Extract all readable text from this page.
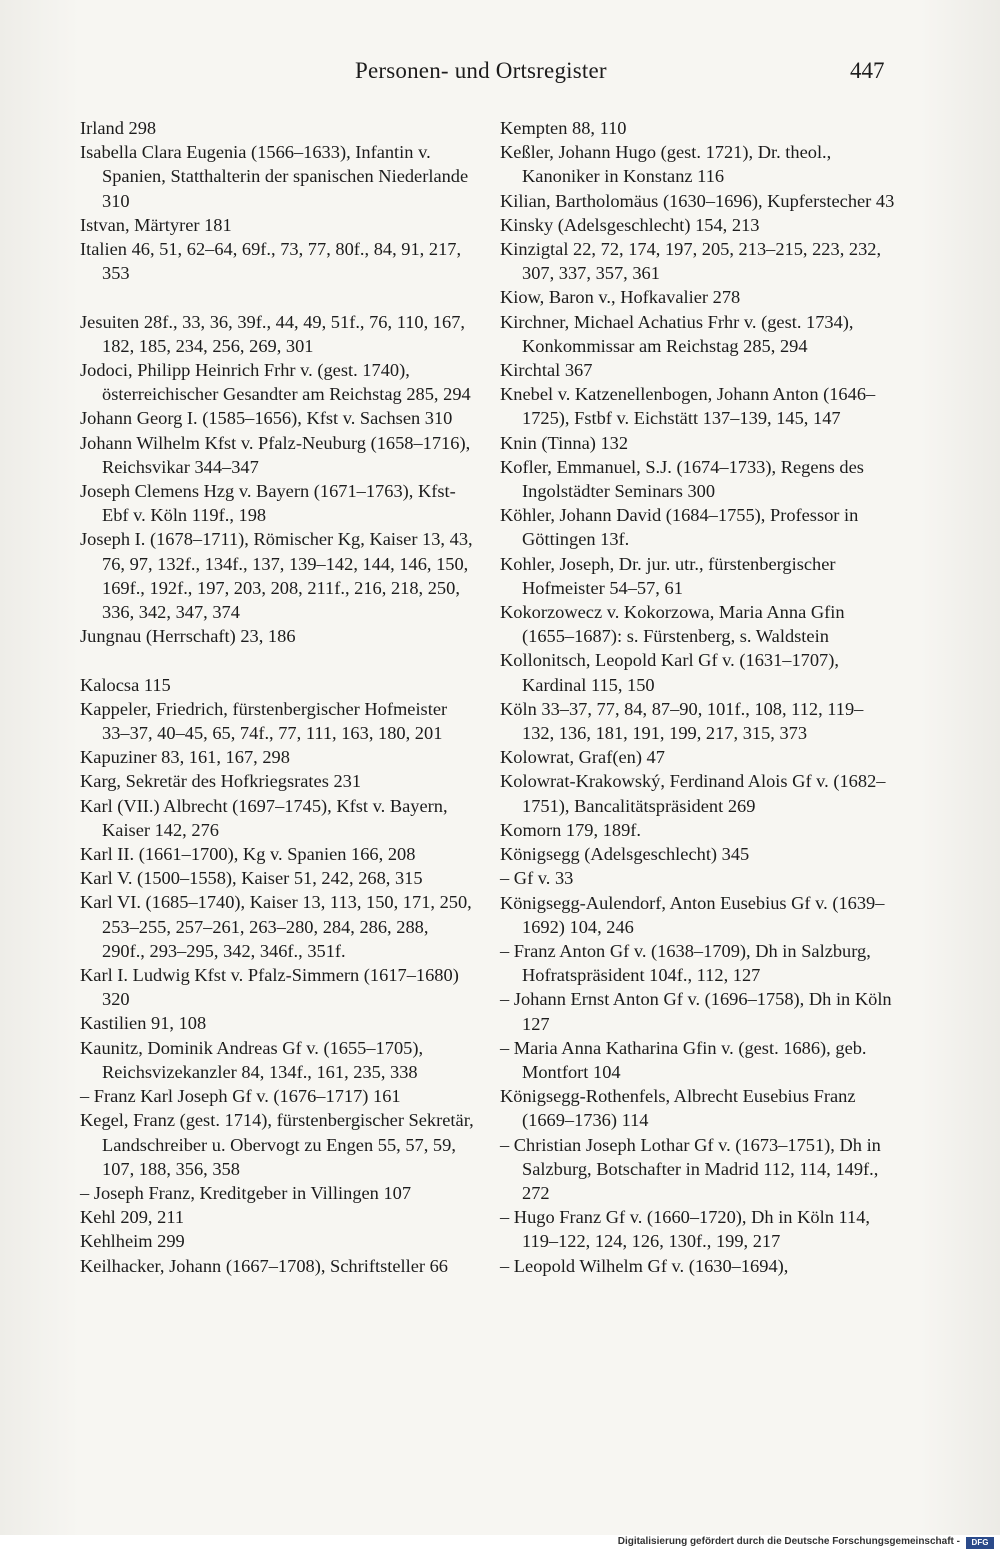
Personen- und Ortsregister	447
Irland 298
Isabella Clara Eugenia (1566–1633), Infantin v. Spanien, Statthalterin der spanischen Niederlande 310
Istvan, Märtyrer 181
Italien 46, 51, 62–64, 69f., 73, 77, 80f., 84, 91, 217, 353
Jesuiten 28f., 33, 36, 39f., 44, 49, 51f., 76, 110, 167, 182, 185, 234, 256, 269, 301
Jodoci, Philipp Heinrich Frhr v. (gest. 1740), österreichischer Gesandter am Reichstag 285, 294
Johann Georg I. (1585–1656), Kfst v. Sachsen 310
Johann Wilhelm Kfst v. Pfalz-Neuburg (1658–1716), Reichsvikar 344–347
Joseph Clemens Hzg v. Bayern (1671–1763), Kfst-Ebf v. Köln 119f., 198
Joseph I. (1678–1711), Römischer Kg, Kaiser 13, 43, 76, 97, 132f., 134f., 137, 139–142, 144, 146, 150, 169f., 192f., 197, 203, 208, 211f., 216, 218, 250, 336, 342, 347, 374
Jungnau (Herrschaft) 23, 186
Kalocsa 115
Kappeler, Friedrich, fürstenbergischer Hofmeister 33–37, 40–45, 65, 74f., 77, 111, 163, 180, 201
Kapuziner 83, 161, 167, 298
Karg, Sekretär des Hofkriegsrates 231
Karl (VII.) Albrecht (1697–1745), Kfst v. Bayern, Kaiser 142, 276
Karl II. (1661–1700), Kg v. Spanien 166, 208
Karl V. (1500–1558), Kaiser 51, 242, 268, 315
Karl VI. (1685–1740), Kaiser 13, 113, 150, 171, 250, 253–255, 257–261, 263–280, 284, 286, 288, 290f., 293–295, 342, 346f., 351f.
Karl I. Ludwig Kfst v. Pfalz-Simmern (1617–1680) 320
Kastilien 91, 108
Kaunitz, Dominik Andreas Gf v. (1655–1705), Reichsvizekanzler 84, 134f., 161, 235, 338
– Franz Karl Joseph Gf v. (1676–1717) 161
Kegel, Franz (gest. 1714), fürstenbergischer Sekretär, Landschreiber u. Obervogt zu Engen 55, 57, 59, 107, 188, 356, 358
– Joseph Franz, Kreditgeber in Villingen 107
Kehl 209, 211
Kehlheim 299
Keilhacker, Johann (1667–1708), Schriftsteller 66
Kempten 88, 110
Keßler, Johann Hugo (gest. 1721), Dr. theol., Kanoniker in Konstanz 116
Kilian, Bartholomäus (1630–1696), Kupferstecher 43
Kinsky (Adelsgeschlecht) 154, 213
Kinzigtal 22, 72, 174, 197, 205, 213–215, 223, 232, 307, 337, 357, 361
Kiow, Baron v., Hofkavalier 278
Kirchner, Michael Achatius Frhr v. (gest. 1734), Konkommissar am Reichstag 285, 294
Kirchtal 367
Knebel v. Katzenellenbogen, Johann Anton (1646–1725), Fstbf v. Eichstätt 137–139, 145, 147
Knin (Tinna) 132
Kofler, Emmanuel, S.J. (1674–1733), Regens des Ingolstädter Seminars 300
Köhler, Johann David (1684–1755), Professor in Göttingen 13f.
Kohler, Joseph, Dr. jur. utr., fürstenbergischer Hofmeister 54–57, 61
Kokorzowecz v. Kokorzowa, Maria Anna Gfin (1655–1687): s. Fürstenberg, s. Waldstein
Kollonitsch, Leopold Karl Gf v. (1631–1707), Kardinal 115, 150
Köln 33–37, 77, 84, 87–90, 101f., 108, 112, 119–132, 136, 181, 191, 199, 217, 315, 373
Kolowrat, Graf(en) 47
Kolowrat-Krakowský, Ferdinand Alois Gf v. (1682–1751), Bancalitätspräsident 269
Komorn 179, 189f.
Königsegg (Adelsgeschlecht) 345
– Gf v. 33
Königsegg-Aulendorf, Anton Eusebius Gf v. (1639–1692) 104, 246
– Franz Anton Gf v. (1638–1709), Dh in Salzburg, Hofratspräsident 104f., 112, 127
– Johann Ernst Anton Gf v. (1696–1758), Dh in Köln 127
– Maria Anna Katharina Gfin v. (gest. 1686), geb. Montfort 104
Königsegg-Rothenfels, Albrecht Eusebius Franz (1669–1736) 114
– Christian Joseph Lothar Gf v. (1673–1751), Dh in Salzburg, Botschafter in Madrid 112, 114, 149f., 272
– Hugo Franz Gf v. (1660–1720), Dh in Köln 114, 119–122, 124, 126, 130f., 199, 217
– Leopold Wilhelm Gf v. (1630–1694),
Digitalisierung gefördert durch die Deutsche Forschungsgemeinschaft -	DFG
